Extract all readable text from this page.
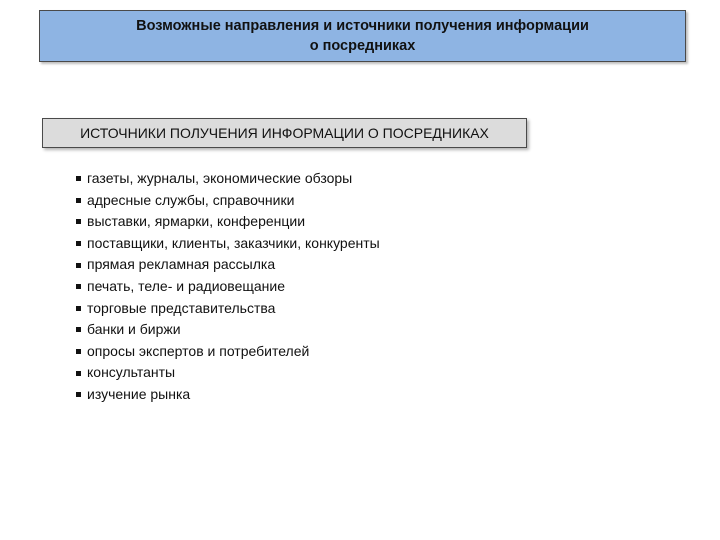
Возможные направления и источники получения информации
о посредниках
ИСТОЧНИКИ ПОЛУЧЕНИЯ ИНФОРМАЦИИ О ПОСРЕДНИКАХ
газеты, журналы, экономические обзоры
адресные службы, справочники
выставки, ярмарки, конференции
поставщики, клиенты, заказчики, конкуренты
прямая рекламная рассылка
печать, теле- и радиовещание
торговые представительства
банки и биржи
опросы экспертов и потребителей
консультанты
изучение рынка
